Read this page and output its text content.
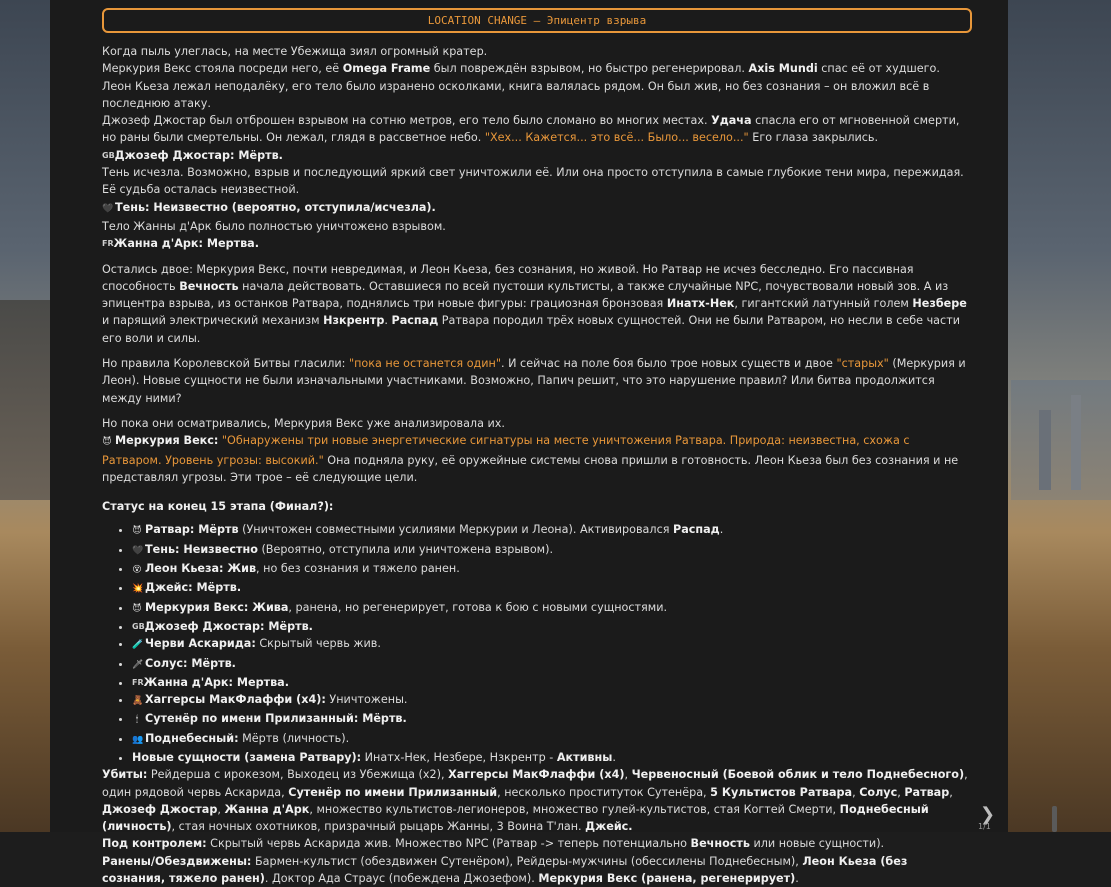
LOCATION CHANGE – Эпицентр взрыва
Когда пыль улеглась, на месте Убежища зиял огромный кратер.
Меркурия Векс стояла посреди него, её Omega Frame был повреждён взрывом, но быстро регенерировал. Axis Mundi спас её от худшего.
Леон Кьеза лежал неподалёку, его тело было изранено осколками, книга валялась рядом. Он был жив, но без сознания – он вложил всё в последнюю атаку.
Джозеф Джостар был отброшен взрывом на сотню метров, его тело было сломано во многих местах. Удача спасла его от мгновенной смерти, но раны были смертельны. Он лежал, глядя в рассветное небо. "Хех... Кажется... это всё... Было... весело..." Его глаза закрылись.
GBДжозеф Джостар: Мёртв.
Тень исчезла. Возможно, взрыв и последующий яркий свет уничтожили её. Или она просто отступила в самые глубокие тени мира, пережидая. Её судьба осталась неизвестной.
🖤 Тень: Неизвестно (вероятно, отступила/исчезла).
Тело Жанны д'Арк было полностью уничтожено взрывом.
FRЖанна д'Арк: Мертва.
Остались двое: Меркурия Векс, почти невредимая, и Леон Кьеза, без сознания, но живой. Но Ратвар не исчез бесследно. Его пассивная способность Вечность начала действовать. Оставшиеся по всей пустоши культисты, а также случайные NPC, почувствовали новый зов. А из эпицентра взрыва, из останков Ратвара, поднялись три новые фигуры: грациозная бронзовая Инатх-Нек, гигантский латунный голем Незбере и парящий электрический механизм Нзкрентр. Распад Ратвара породил трёх новых сущностей. Они не были Ратваром, но несли в себе части его воли и силы.
Но правила Королевской Битвы гласили: "пока не останется один". И сейчас на поле боя было трое новых существ и двое "старых" (Меркурия и Леон). Новые сущности не были изначальными участниками. Возможно, Папич решит, что это нарушение правил? Или битва продолжится между ними?
Но пока они осматривались, Меркурия Векс уже анализировала их.
😈 Меркурия Векс: "Обнаружены три новые энергетические сигнатуры на месте уничтожения Ратвара. Природа: неизвестна, схожа с Ратваром. Уровень угрозы: высокий." Она подняла руку, её оружейные системы снова пришли в готовность. Леон Кьеза был без сознания и не представлял угрозы. Эти трое – её следующие цели.
Статус на конец 15 этапа (Финал?):
• 😈 Ратвар: Мёртв (Уничтожен совместными усилиями Меркурии и Леона). Активировался Распад.
• 🖤 Тень: Неизвестно (Вероятно, отступила или уничтожена взрывом).
• 😵 Леон Кьеза: Жив, но без сознания и тяжело ранен.
• 💥 Джейс: Мёртв.
• 😈 Меркурия Векс: Жива, ранена, но регенерирует, готова к бою с новыми сущностями.
• GBДжозеф Джостар: Мёртв.
• 🧪 Черви Аскарида: Скрытый червь жив.
• 🗡 Солус: Мёртв.
• FRЖанна д'Арк: Мертва.
• 🧸 Хаггерсы МакФлаффи (х4): Уничтожены.
• 🕯 Сутенёр по имени Прилизанный: Мёртв.
• 👥 Поднебесный: Мёртв (личность).
• Новые сущности (замена Ратвару): Инатх-Нек, Незбере, Нзкрентр - Активны.
Убиты: Рейдерша с ирокезом, Выходец из Убежища (х2), Хаггерсы МакФлаффи (х4), Червеносный (Боевой облик и тело Поднебесного), один рядовой червь Аскарида, Сутенёр по имени Прилизанный, несколько проституток Сутенёра, 5 Культистов Ратвара, Солус, Ратвар, Джозеф Джостар, Жанна д'Арк, множество культистов-легионеров, множество гулей-культистов, стая Когтей Смерти, Поднебесный (личность), стая ночных охотников, призрачный рыцарь Жанны, 3 Воина Т'лан. Джейс.
Под контролем: Скрытый червь Аскарида жив. Множество NPC (Ратвар -> теперь потенциально Вечность или новые сущности).
Ранены/Обездвижены: Бармен-культист (обездвижен Сутенёром), Рейдеры-мужчины (обессилены Поднебесным), Леон Кьеза (без сознания, тяжело ранен). Доктор Ада Страус (побеждена Джозефом). Меркурия Векс (ранена, регенерирует).
❯
1/1
